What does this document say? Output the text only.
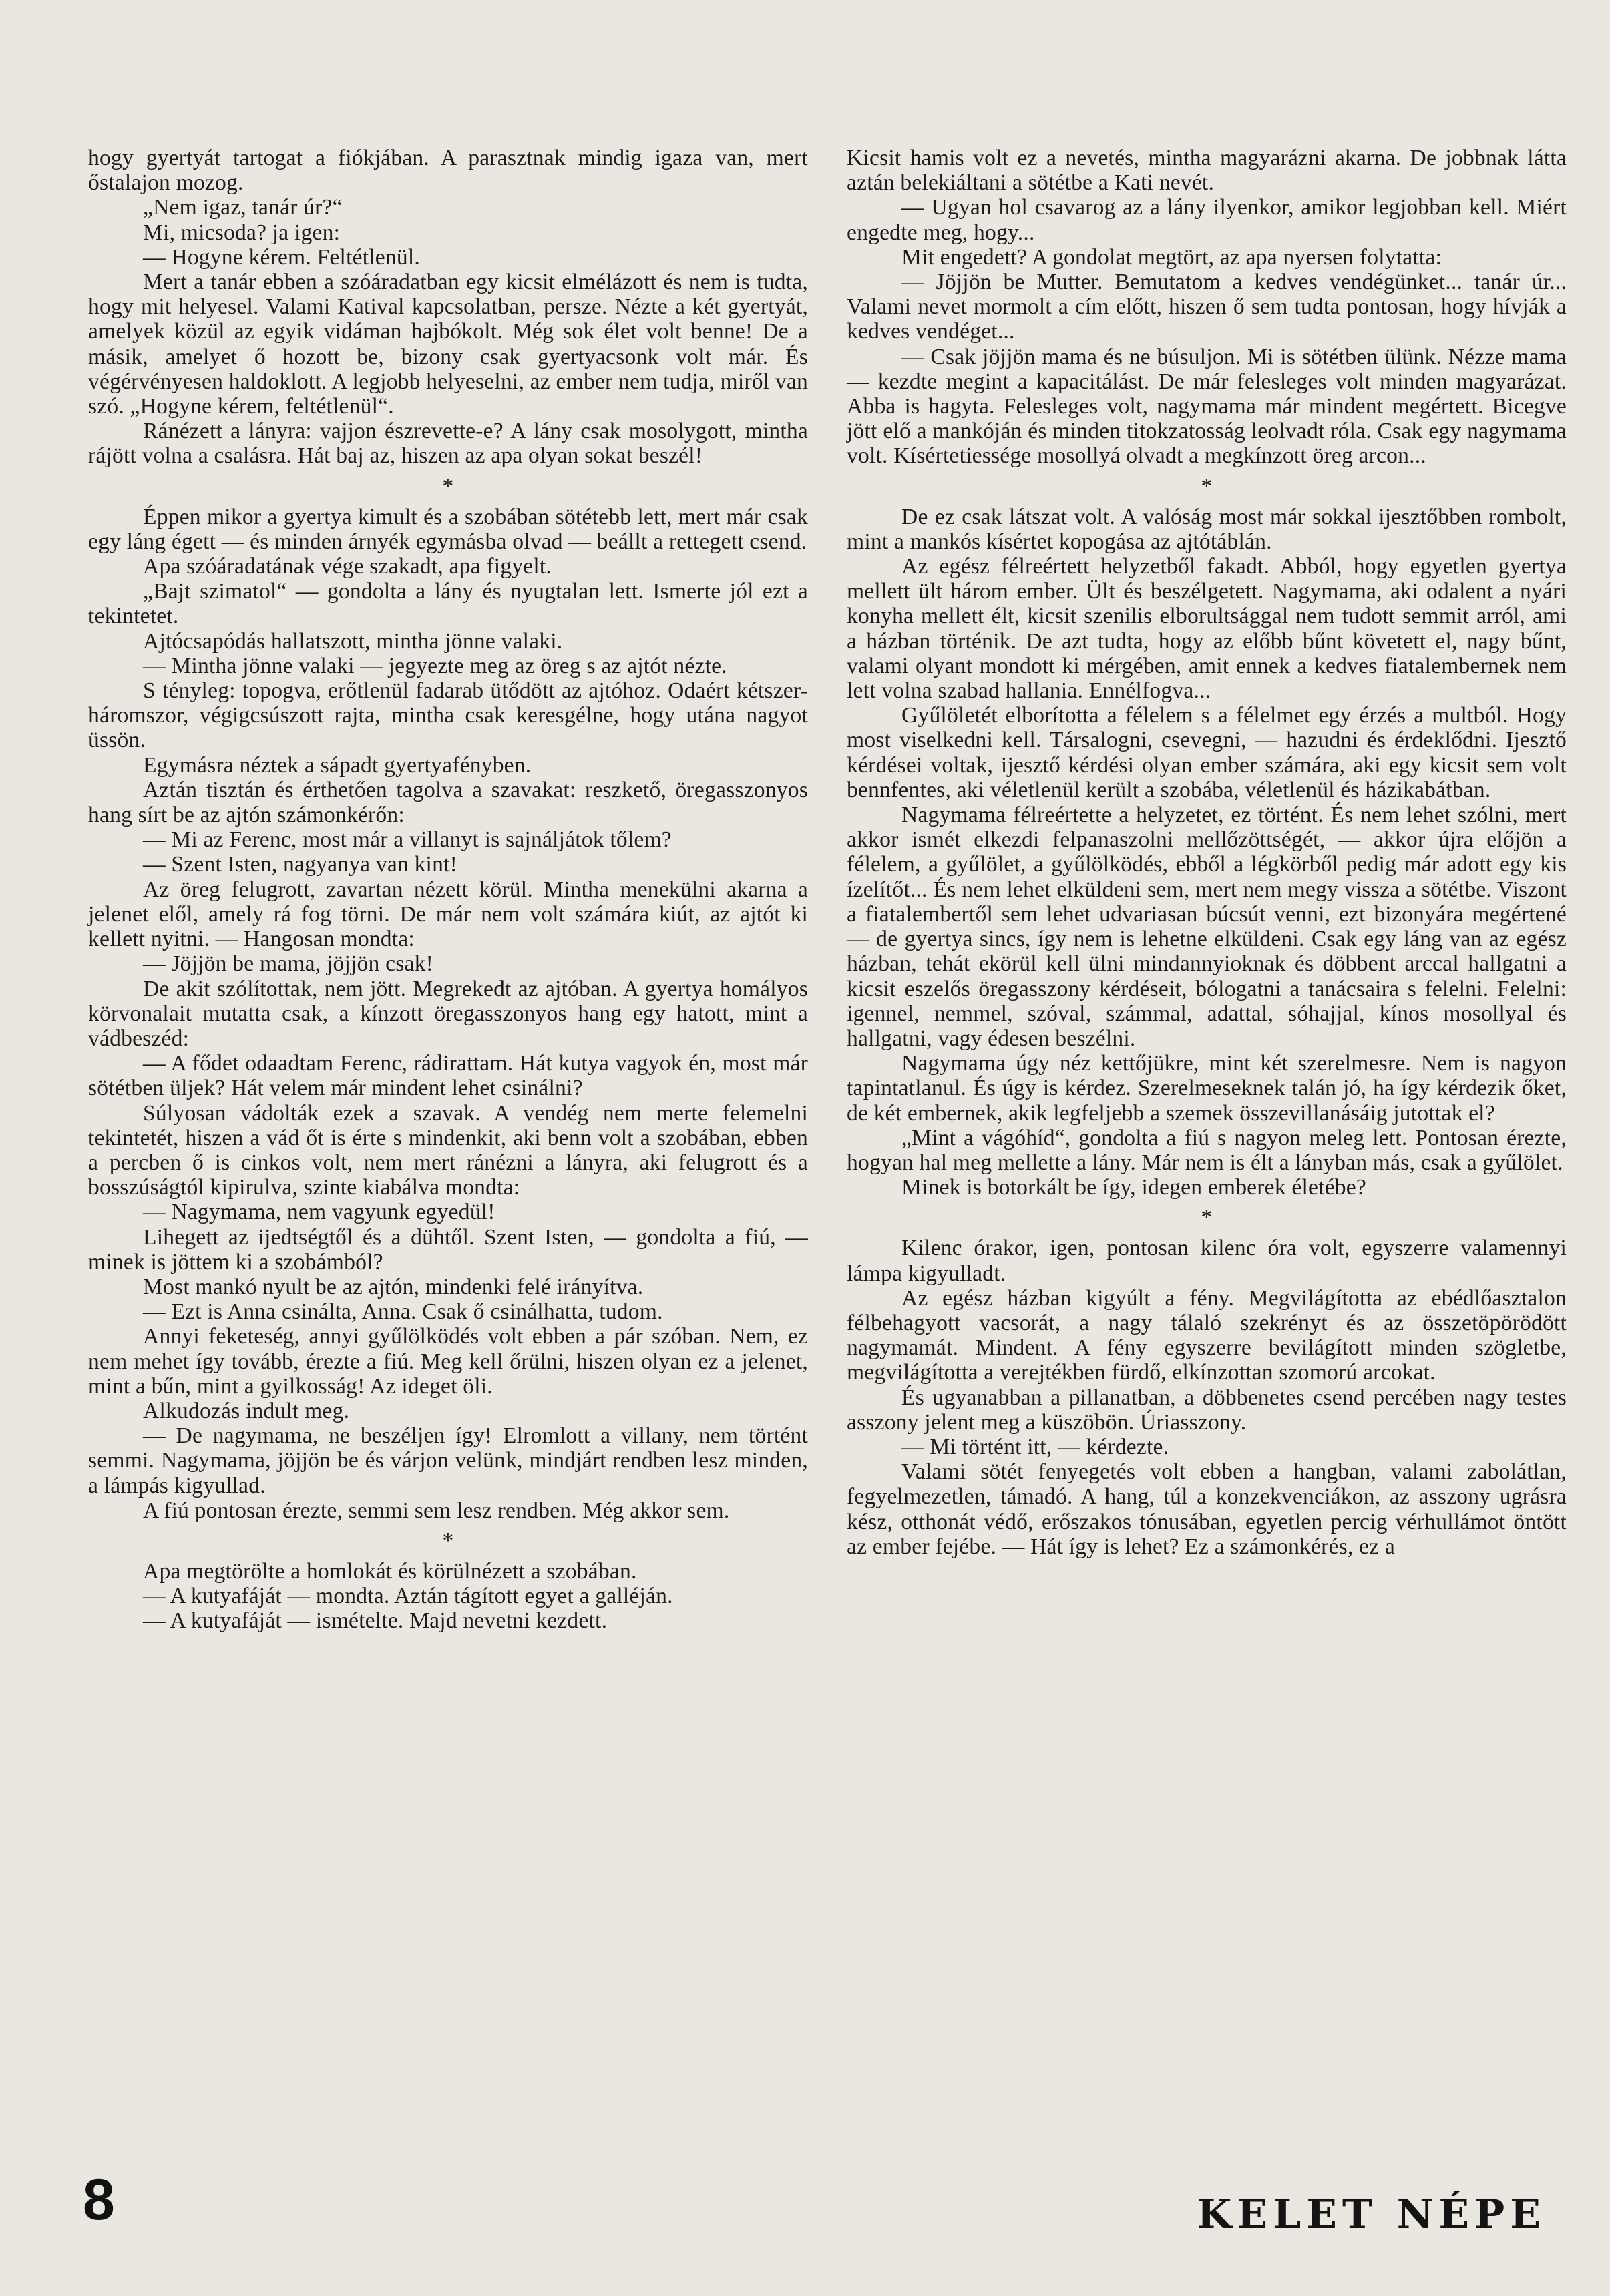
hogy gyertyát tartogat a fiókjában. A parasztnak mindig igaza van, mert őstalajon mozog.

„Nem igaz, tanár úr?“

Mi, micsoda? ja igen:

— Hogyne kérem. Feltétlenül.

Mert a tanár ebben a szóáradatban egy kicsit elmélázott és nem is tudta, hogy mit helyesel. Valami Katival kapcsolatban, persze. Nézte a két gyertyát, amelyek közül az egyik vidáman hajbókolt. Még sok élet volt benne! De a másik, amelyet ő hozott be, bizony csak gyertyacsonk volt már. És végérvényesen haldoklott. A legjobb helyeselni, az ember nem tudja, miről van szó. „Hogyne kérem, feltétlenül“.

Ránézett a lányra: vajjon észrevette-e? A lány csak mosolygott, mintha rájött volna a csalásra. Hát baj az, hiszen az apa olyan sokat beszél!

*

Éppen mikor a gyertya kimult és a szobában sötétebb lett, mert már csak egy láng égett — és minden árnyék egymásba olvad — beállt a rettegett csend.

Apa szóáradatának vége szakadt, apa figyelt.

„Bajt szimatol“ — gondolta a lány és nyugtalan lett. Ismerte jól ezt a tekintetet.

Ajtócsapódás hallatszott, mintha jönne valaki.

— Mintha jönne valaki — jegyezte meg az öreg s az ajtót nézte.

S tényleg: topogva, erőtlenül fadarab ütődött az ajtóhoz. Odaért kétszer-háromszor, végigcsúszott rajta, mintha csak keresgélne, hogy utána nagyot üssön.

Egymásra néztek a sápadt gyertyafényben.

Aztán tisztán és érthetően tagolva a szavakat: reszkető, öregasszonyos hang sírt be az ajtón számonkérőn:

— Mi az Ferenc, most már a villanyt is sajnáljátok tőlem?

— Szent Isten, nagyanya van kint!

Az öreg felugrott, zavartan nézett körül. Mintha menekülni akarna a jelenet elől, amely rá fog törni. De már nem volt számára kiút, az ajtót ki kellett nyitni. — Hangosan mondta:

— Jöjjön be mama, jöjjön csak!

De akit szólítottak, nem jött. Megrekedt az ajtóban. A gyertya homályos körvonalait mutatta csak, a kínzott öregasszonyos hang egy hatott, mint a vádbeszéd:

— A fődet odaadtam Ferenc, rádirattam. Hát kutya vagyok én, most már sötétben üljek? Hát velem már mindent lehet csinálni?

Súlyosan vádolták ezek a szavak. A vendég nem merte felemelni tekintetét, hiszen a vád őt is érte s mindenkit, aki benn volt a szobában, ebben a percben ő is cinkos volt, nem mert ránézni a lányra, aki felugrott és a bosszúságtól kipirulva, szinte kiabálva mondta:

— Nagymama, nem vagyunk egyedül!

Lihegett az ijedtségtől és a dühtől. Szent Isten, — gondolta a fiú, — minek is jöttem ki a szobámból?

Most mankó nyult be az ajtón, mindenki felé irányítva.

— Ezt is Anna csinálta, Anna. Csak ő csinálhatta, tudom.

Annyi feketeség, annyi gyűlölködés volt ebben a pár szóban. Nem, ez nem mehet így tovább, érezte a fiú. Meg kell őrülni, hiszen olyan ez a jelenet, mint a bűn, mint a gyilkosság! Az ideget öli.

Alkudozás indult meg.

— De nagymama, ne beszéljen így! Elromlott a villany, nem történt semmi. Nagymama, jöjjön be és várjon velünk, mindjárt rendben lesz minden, a lámpás kigyullad.

A fiú pontosan érezte, semmi sem lesz rendben. Még akkor sem.

*

Apa megtörölte a homlokát és körülnézett a szobában.

— A kutyafáját — mondta. Aztán tágított egyet a galléján.

— A kutyafáját — ismételte. Majd nevetni kezdett.

Kicsit hamis volt ez a nevetés, mintha magyarázni akarna. De jobbnak látta aztán belekiáltani a sötétbe a Kati nevét.

— Ugyan hol csavarog az a lány ilyenkor, amikor legjobban kell. Miért engedte meg, hogy...

Mit engedett? A gondolat megtört, az apa nyersen folytatta:

— Jöjjön be Mutter. Bemutatom a kedves vendégünket... tanár úr... Valami nevet mormolt a cím előtt, hiszen ő sem tudta pontosan, hogy hívják a kedves vendéget...

— Csak jöjjön mama és ne búsuljon. Mi is sötétben ülünk. Nézze mama — kezdte megint a kapacitálást. De már felesleges volt minden magyarázat. Abba is hagyta. Felesleges volt, nagymama már mindent megértett. Bicegve jött elő a mankóján és minden titokzatosság leolvadt róla. Csak egy nagymama volt. Kísértetiessége mosollyá olvadt a megkínzott öreg arcon...

*

De ez csak látszat volt. A valóság most már sokkal ijesztőbben rombolt, mint a mankós kísértet kopogása az ajtótáblán.

Az egész félreértett helyzetből fakadt. Abból, hogy egyetlen gyertya mellett ült három ember. Ült és beszélgetett. Nagymama, aki odalent a nyári konyha mellett élt, kicsit szenilis elborultsággal nem tudott semmit arról, ami a házban történik. De azt tudta, hogy az előbb bűnt követett el, nagy bűnt, valami olyant mondott ki mérgében, amit ennek a kedves fiatalembernek nem lett volna szabad hallania. Ennélfogva...

Gyűlöletét elborította a félelem s a félelmet egy érzés a multból. Hogy most viselkedni kell. Társalogni, csevegni, — hazudni és érdeklődni. Ijesztő kérdései voltak, ijesztő kérdési olyan ember számára, aki egy kicsit sem volt bennfentes, aki véletlenül került a szobába, véletlenül és házikabátban.

Nagymama félreértette a helyzetet, ez történt. És nem lehet szólni, mert akkor ismét elkezdi felpanaszolni mellőzöttségét, — akkor újra előjön a félelem, a gyűlölet, a gyűlölködés, ebből a légkörből pedig már adott egy kis ízelítőt... És nem lehet elküldeni sem, mert nem megy vissza a sötétbe. Viszont a fiatalembertől sem lehet udvariasan búcsút venni, ezt bizonyára megértené — de gyertya sincs, így nem is lehetne elküldeni. Csak egy láng van az egész házban, tehát ekörül kell ülni mindannyioknak és döbbent arccal hallgatni a kicsit eszelős öregasszony kérdéseit, bólogatni a tanácsaira s felelni. Felelni: igennel, nemmel, szóval, számmal, adattal, sóhajjal, kínos mosollyal és hallgatni, vagy édesen beszélni.

Nagymama úgy néz kettőjükre, mint két szerelmesre. Nem is nagyon tapintatlanul. És úgy is kérdez. Szerelmeseknek talán jó, ha így kérdezik őket, de két embernek, akik legfeljebb a szemek összevillanásáig jutottak el?

„Mint a vágóhíd“, gondolta a fiú s nagyon meleg lett. Pontosan érezte, hogyan hal meg mellette a lány. Már nem is élt a lányban más, csak a gyűlölet.

Minek is botorkált be így, idegen emberek életébe?

*

Kilenc órakor, igen, pontosan kilenc óra volt, egyszerre valamennyi lámpa kigyulladt.

Az egész házban kigyúlt a fény. Megvilágította az ebédlőasztalon félbehagyott vacsorát, a nagy tálaló szekrényt és az összetöpörödött nagymamát. Mindent. A fény egyszerre bevilágított minden szögletbe, megvilágította a verejtékben fürdő, elkínzottan szomorú arcokat.

És ugyanabban a pillanatban, a döbbenetes csend percében nagy testes asszony jelent meg a küszöbön. Úriasszony.

— Mi történt itt, — kérdezte.

Valami sötét fenyegetés volt ebben a hangban, valami zabolátlan, fegyelmezetlen, támadó. A hang, túl a konzekvenciákon, az asszony ugrásra kész, otthonát védő, erőszakos tónusában, egyetlen percig vérhullámot öntött az ember fejébe. — Hát így is lehet? Ez a számonkérés, ez a

8	KELET NÉPE
